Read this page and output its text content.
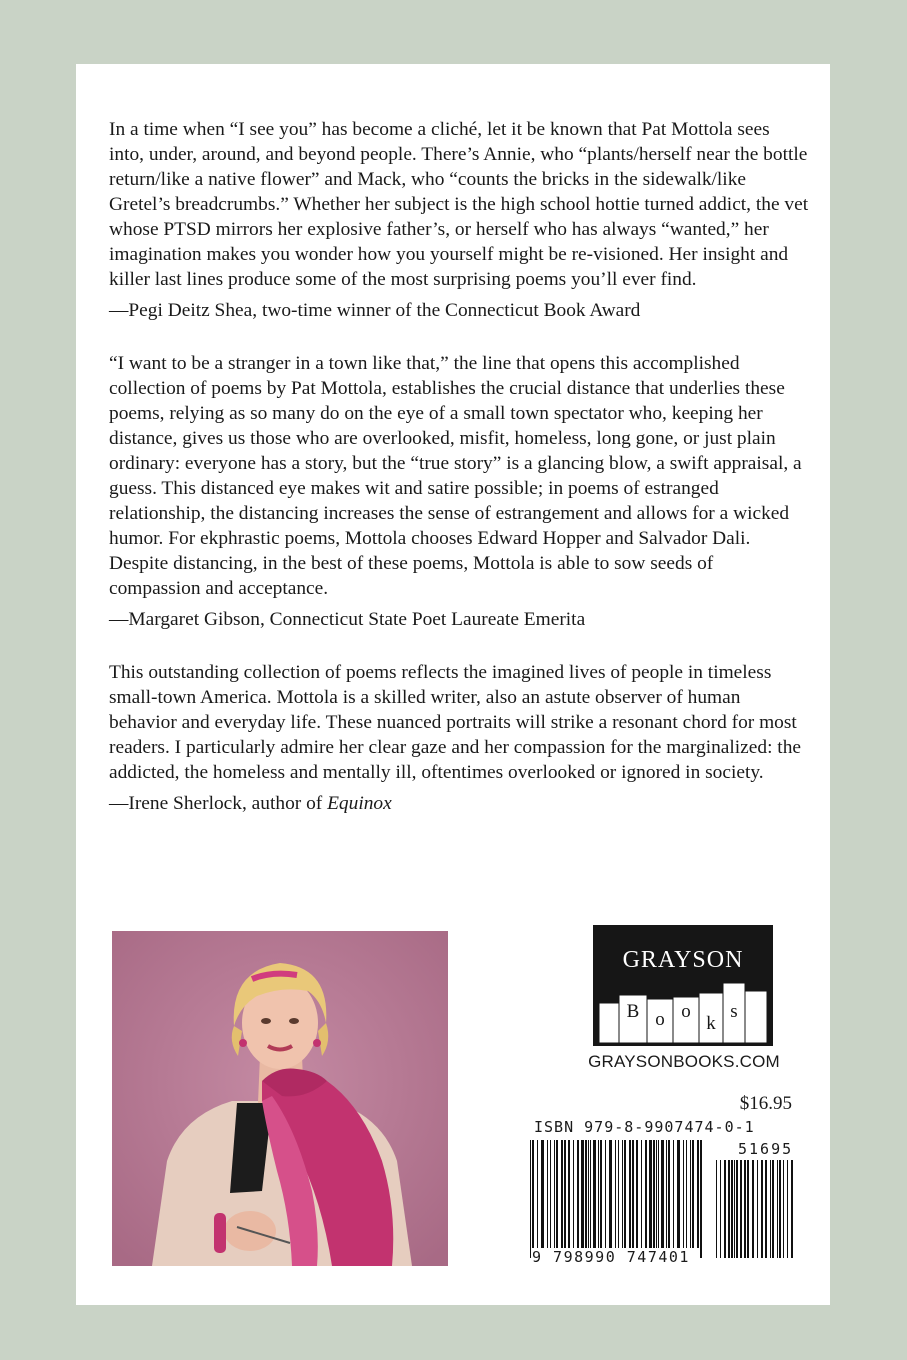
In a time when “I see you” has become a cliché, let it be known that Pat Mottola sees into, under, around, and beyond people. There’s Annie, who “plants/herself near the bottle return/like a native flower” and Mack, who “counts the bricks in the sidewalk/like Gretel’s breadcrumbs.” Whether her subject is the high school hottie turned addict, the vet whose PTSD mirrors her explosive father’s, or herself who has always “wanted,” her imagination makes you wonder how you yourself might be re-visioned. Her insight and killer last lines produce some of the most surprising poems you’ll ever find.

—Pegi Deitz Shea, two-time winner of the Connecticut Book Award

“I want to be a stranger in a town like that,” the line that opens this accomplished collection of poems by Pat Mottola, establishes the crucial distance that underlies these poems, relying as so many do on the eye of a small town spectator who, keeping her distance, gives us those who are overlooked, misfit, homeless, long gone, or just plain ordinary: everyone has a story, but the “true story” is a glancing blow, a swift appraisal, a guess. This distanced eye makes wit and satire possible; in poems of estranged relationship, the distancing increases the sense of estrangement and allows for a wicked humor. For ekphrastic poems, Mottola chooses Edward Hopper and Salvador Dali. Despite distancing, in the best of these poems, Mottola is able to sow seeds of compassion and acceptance.

—Margaret Gibson, Connecticut State Poet Laureate Emerita

This outstanding collection of poems reflects the imagined lives of people in timeless small-town America. Mottola is a skilled writer, also an astute observer of human behavior and everyday life. These nuanced portraits will strike a resonant chord for most readers. I particularly admire her clear gaze and her compassion for the marginalized: the addicted, the homeless and mentally ill, oftentimes overlooked or ignored in society.

—Irene Sherlock, author of Equinox

B o o
k
s
GRAYSON
GRAYSONBOOKS.COM
$16.95
ISBN 979-8-9907474-0-1
51695
9 798990 747401
